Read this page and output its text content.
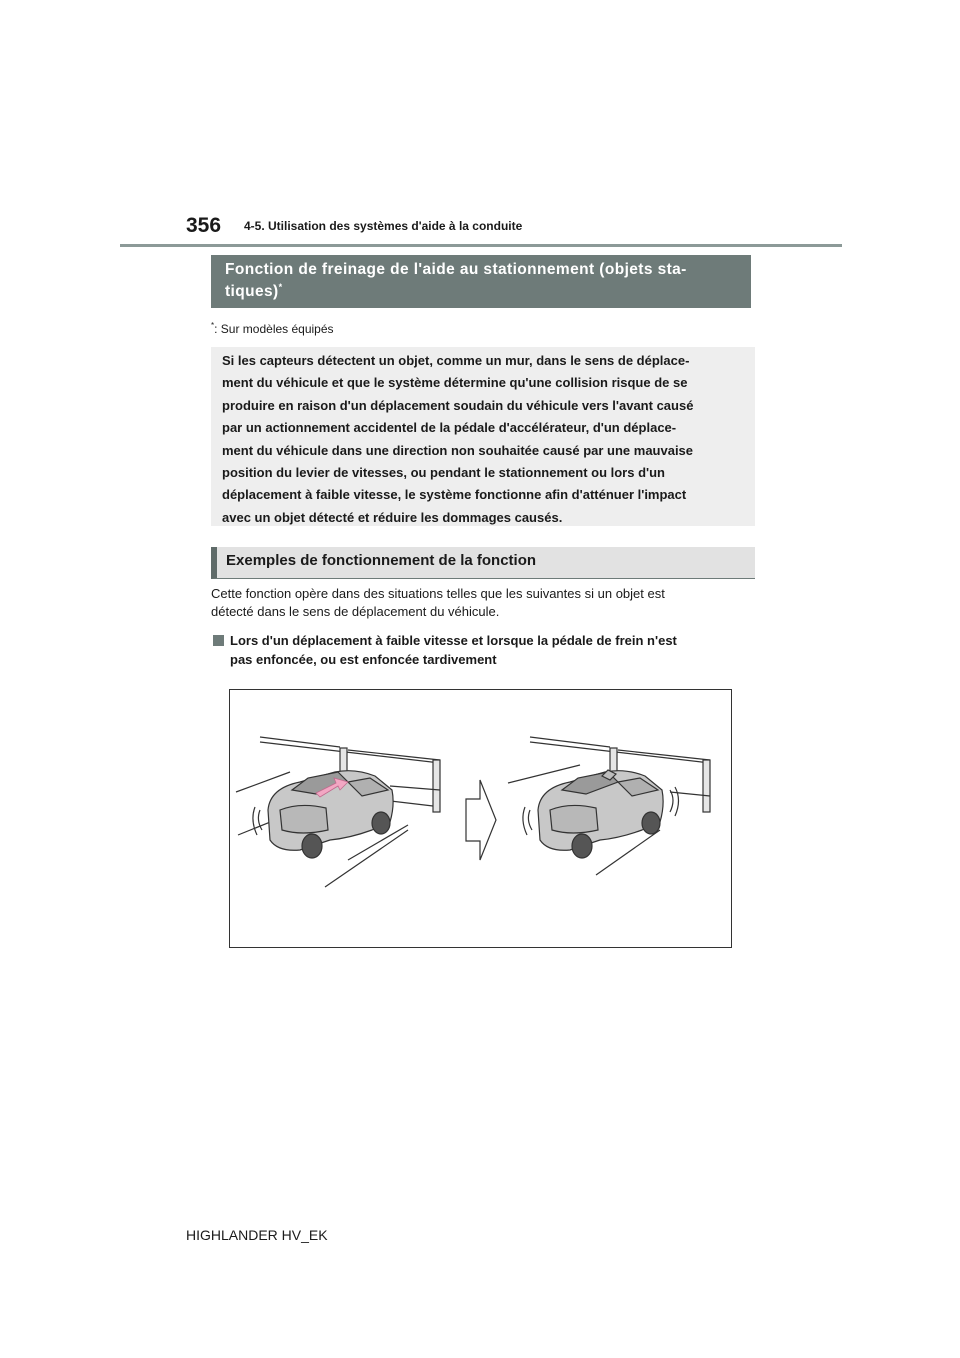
356 4-5. Utilisation des systèmes d'aide à la conduite
Fonction de freinage de l'aide au stationnement (objets sta-
tiques)*
*: Sur modèles équipés
Si les capteurs détectent un objet, comme un mur, dans le sens de déplace-
ment du véhicule et que le système détermine qu'une collision risque de se
produire en raison d'un déplacement soudain du véhicule vers l'avant causé
par un actionnement accidentel de la pédale d'accélérateur, d'un déplace-
ment du véhicule dans une direction non souhaitée causé par une mauvaise
position du levier de vitesses, ou pendant le stationnement ou lors d'un
déplacement à faible vitesse, le système fonctionne afin d'atténuer l'impact
avec un objet détecté et réduire les dommages causés.
Exemples de fonctionnement de la fonction
Cette fonction opère dans des situations telles que les suivantes si un objet est
détecté dans le sens de déplacement du véhicule.
Lors d'un déplacement à faible vitesse et lorsque la pédale de frein n'est
pas enfoncée, ou est enfoncée tardivement
HIGHLANDER HV_EK
